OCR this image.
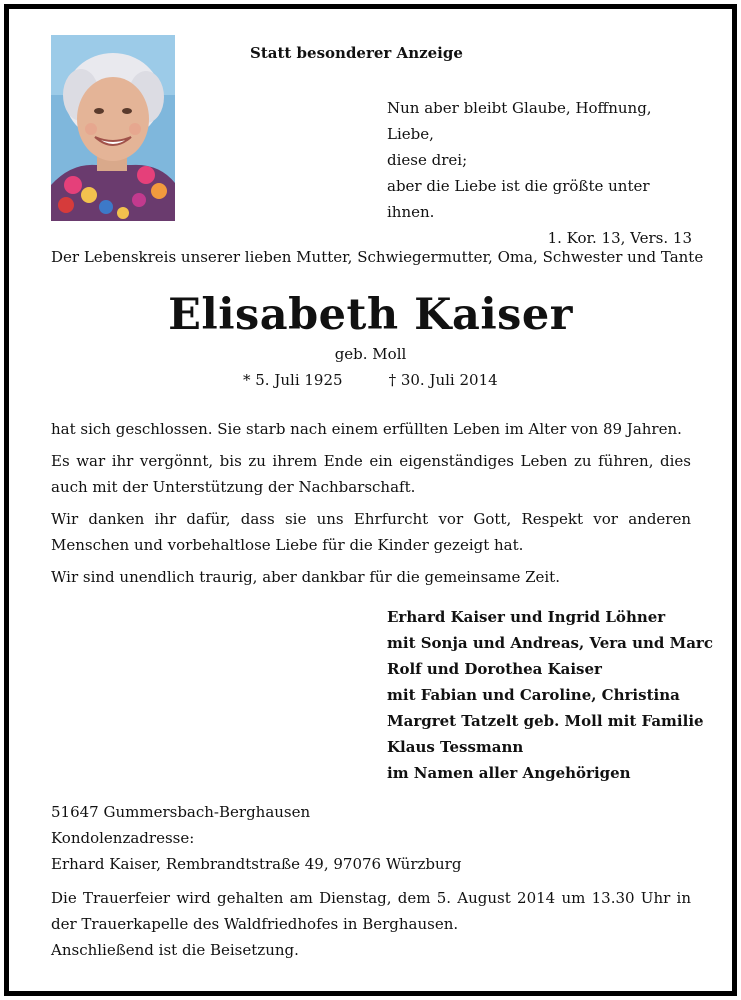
Statt besonderer Anzeige
Nun aber bleibt Glaube, Hoffnung, Liebe,
diese drei;
aber die Liebe ist die größte unter ihnen.
1. Kor. 13, Vers. 13
Der Lebenskreis unserer lieben Mutter, Schwiegermutter, Oma, Schwester und Tante
Elisabeth Kaiser
geb. Moll
* 5. Juli 1925	† 30. Juli 2014

hat sich geschlossen. Sie starb nach einem erfüllten Leben im Alter von 89 Jahren.

Es war ihr vergönnt, bis zu ihrem Ende ein eigenständiges Leben zu führen, dies auch mit der Unterstützung der Nachbarschaft.

Wir danken ihr dafür, dass sie uns Ehrfurcht vor Gott, Respekt vor anderen Menschen und vorbehaltlose Liebe für die Kinder gezeigt hat.

Wir sind unendlich traurig, aber dankbar für die gemeinsame Zeit.

Erhard Kaiser und Ingrid Löhner
mit Sonja und Andreas, Vera und Marc
Rolf und Dorothea Kaiser
mit Fabian und Caroline, Christina
Margret Tatzelt geb. Moll mit Familie
Klaus Tessmann
im Namen aller Angehörigen

51647 Gummersbach-Berghausen

Kondolenzadresse:

Erhard Kaiser, Rembrandtstraße 49, 97076 Würzburg

Die Trauerfeier wird gehalten am Dienstag, dem 5. August 2014 um 13.30 Uhr in der Trauerkapelle des Waldfriedhofes in Berghausen.

Anschließend ist die Beisetzung.
